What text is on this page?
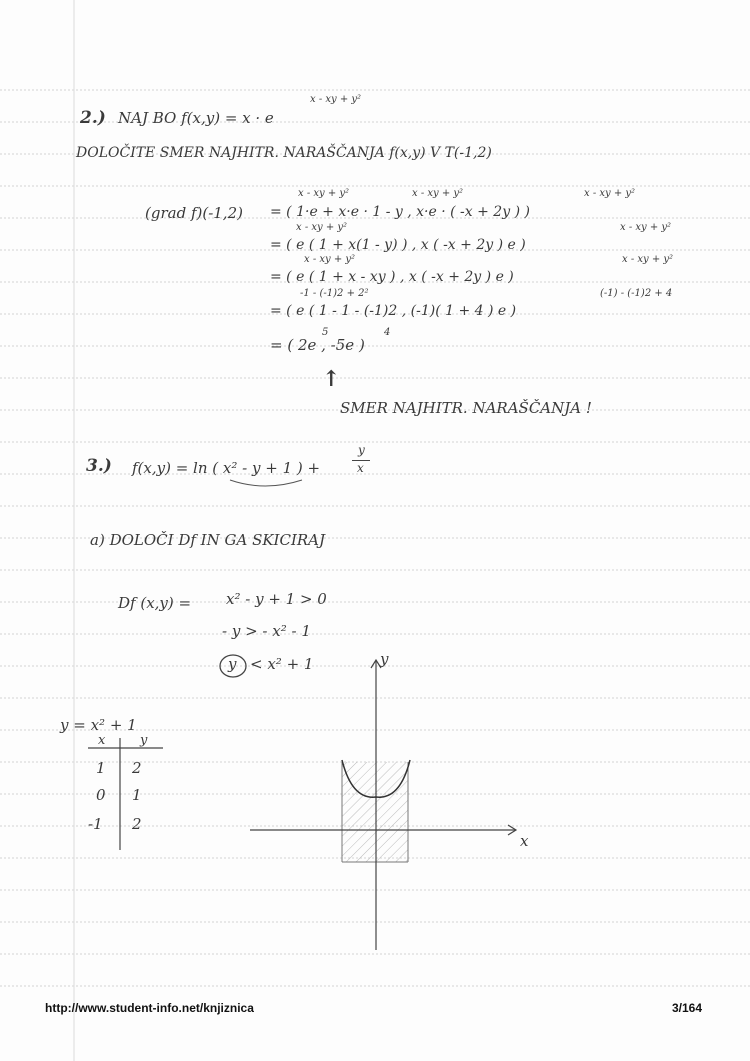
2.) NAJ BO f(x,y) = x · e
x - xy + y²
DOLOČITE SMER NAJHITR. NARAŠČANJA f(x,y) V T(-1,2)
(grad f)(-1,2) = ( 1·e + x·e · 1 - y , x·e · ( -x + 2y ) )
x - xy + y²	x - xy + y²	x - xy + y²
= ( e ( 1 + x(1 - y) ) , x ( -x + 2y ) e )
x - xy + y²	x - xy + y²
= ( e ( 1 + x - xy ) , x ( -x + 2y ) e )
x - xy + y²	x - xy + y²
= ( e ( 1 - 1 - (-1)2 , (-1)( 1 + 4 ) e )
-1 - (-1)2 + 2²	(-1) - (-1)2 + 4
= ( 2e , -5e )
5	4
↑
SMER NAJHITR. NARAŠČANJA !
3.) f(x,y) = ln ( x² - y + 1 ) +
y
x
a) DOLOČI Df IN GA SKICIRAJ
Df (x,y) = x² - y + 1 > 0
- y > - x² - 1
y < x² + 1
y = x² + 1
x	y
1 2
0 1
-1 2
x
y
http://www.student-info.net/knjiznica	3/164
